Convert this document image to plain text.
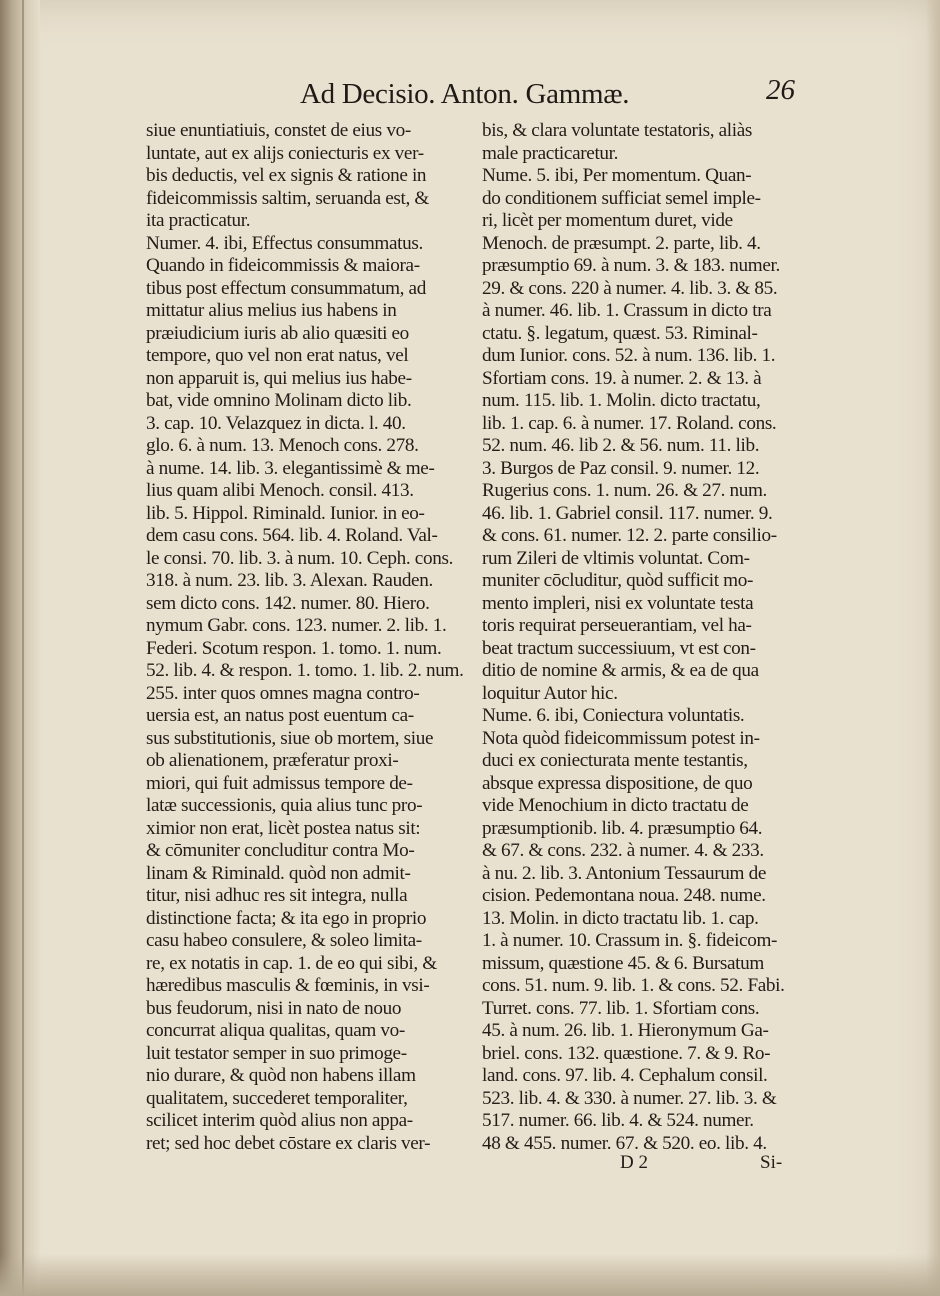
Ad Decisio. Anton. Gammæ.	26
siue enuntiatiuis, constet de eius vo-
luntate, aut ex alijs coniecturis ex ver-
bis deductis, vel ex signis & ratione in
fideicommissis saltim, seruanda est, &
ita practicatur.
Numer. 4. ibi, Effectus consummatus.
Quando in fideicommissis & maiora-
tibus post effectum consummatum, ad
mittatur alius melius ius habens in
præiudicium iuris ab alio quæsiti eo
tempore, quo vel non erat natus, vel
non apparuit is, qui melius ius habe-
bat, vide omnino Molinam dicto lib.
3. cap. 10. Velazquez in dicta. l. 40.
glo. 6. à num. 13. Menoch cons. 278.
à nume. 14. lib. 3. elegantissimè & me-
lius quam alibi Menoch. consil. 413.
lib. 5. Hippol. Riminald. Iunior. in eo-
dem casu cons. 564. lib. 4. Roland. Val-
le consi. 70. lib. 3. à num. 10. Ceph. cons.
318. à num. 23. lib. 3. Alexan. Rauden.
sem dicto cons. 142. numer. 80. Hiero.
nymum Gabr. cons. 123. numer. 2. lib. 1.
Federi. Scotum respon. 1. tomo. 1. num.
52. lib. 4. & respon. 1. tomo. 1. lib. 2. num.
255. inter quos omnes magna contro-
uersia est, an natus post euentum ca-
sus substitutionis, siue ob mortem, siue
ob alienationem, præferatur proxi-
miori, qui fuit admissus tempore de-
latæ successionis, quia alius tunc pro-
ximior non erat, licèt postea natus sit:
& cōmuniter concluditur contra Mo-
linam & Riminald. quòd non admit-
titur, nisi adhuc res sit integra, nulla
distinctione facta; & ita ego in proprio
casu habeo consulere, & soleo limita-
re, ex notatis in cap. 1. de eo qui sibi, &
hæredibus masculis & fœminis, in vsi-
bus feudorum, nisi in nato de nouo
concurrat aliqua qualitas, quam vo-
luit testator semper in suo primoge-
nio durare, & quòd non habens illam
qualitatem, succederet temporaliter,
scilicet interim quòd alius non appa-
ret; sed hoc debet cōstare ex claris ver-
bis, & clara voluntate testatoris, aliàs
male practicaretur.
Nume. 5. ibi, Per momentum. Quan-
do conditionem sufficiat semel imple-
ri, licèt per momentum duret, vide
Menoch. de præsumpt. 2. parte, lib. 4.
præsumptio 69. à num. 3. & 183. numer.
29. & cons. 220 à numer. 4. lib. 3. & 85.
à numer. 46. lib. 1. Crassum in dicto tra
ctatu. §. legatum, quæst. 53. Riminal-
dum Iunior. cons. 52. à num. 136. lib. 1.
Sfortiam cons. 19. à numer. 2. & 13. à
num. 115. lib. 1. Molin. dicto tractatu,
lib. 1. cap. 6. à numer. 17. Roland. cons.
52. num. 46. lib 2. & 56. num. 11. lib.
3. Burgos de Paz consil. 9. numer. 12.
Rugerius cons. 1. num. 26. & 27. num.
46. lib. 1. Gabriel consil. 117. numer. 9.
& cons. 61. numer. 12. 2. parte consilio-
rum Zileri de vltimis voluntat. Com-
muniter cōcluditur, quòd sufficit mo-
mento impleri, nisi ex voluntate testa
toris requirat perseuerantiam, vel ha-
beat tractum successiuum, vt est con-
ditio de nomine & armis, & ea de qua
loquitur Autor hic.
Nume. 6. ibi, Coniectura voluntatis.
Nota quòd fideicommissum potest in-
duci ex coniecturata mente testantis,
absque expressa dispositione, de quo
vide Menochium in dicto tractatu de
præsumptionib. lib. 4. præsumptio 64.
& 67. & cons. 232. à numer. 4. & 233.
à nu. 2. lib. 3. Antonium Tessaurum de
cision. Pedemontana noua. 248. nume.
13. Molin. in dicto tractatu lib. 1. cap.
1. à numer. 10. Crassum in. §. fideicom-
missum, quæstione 45. & 6. Bursatum
cons. 51. num. 9. lib. 1. & cons. 52. Fabi.
Turret. cons. 77. lib. 1. Sfortiam cons.
45. à num. 26. lib. 1. Hieronymum Ga-
briel. cons. 132. quæstione. 7. & 9. Ro-
land. cons. 97. lib. 4. Cephalum consil.
523. lib. 4. & 330. à numer. 27. lib. 3. &
517. numer. 66. lib. 4. & 524. numer.
48 & 455. numer. 67. & 520. eo. lib. 4.
D 2	Si-
